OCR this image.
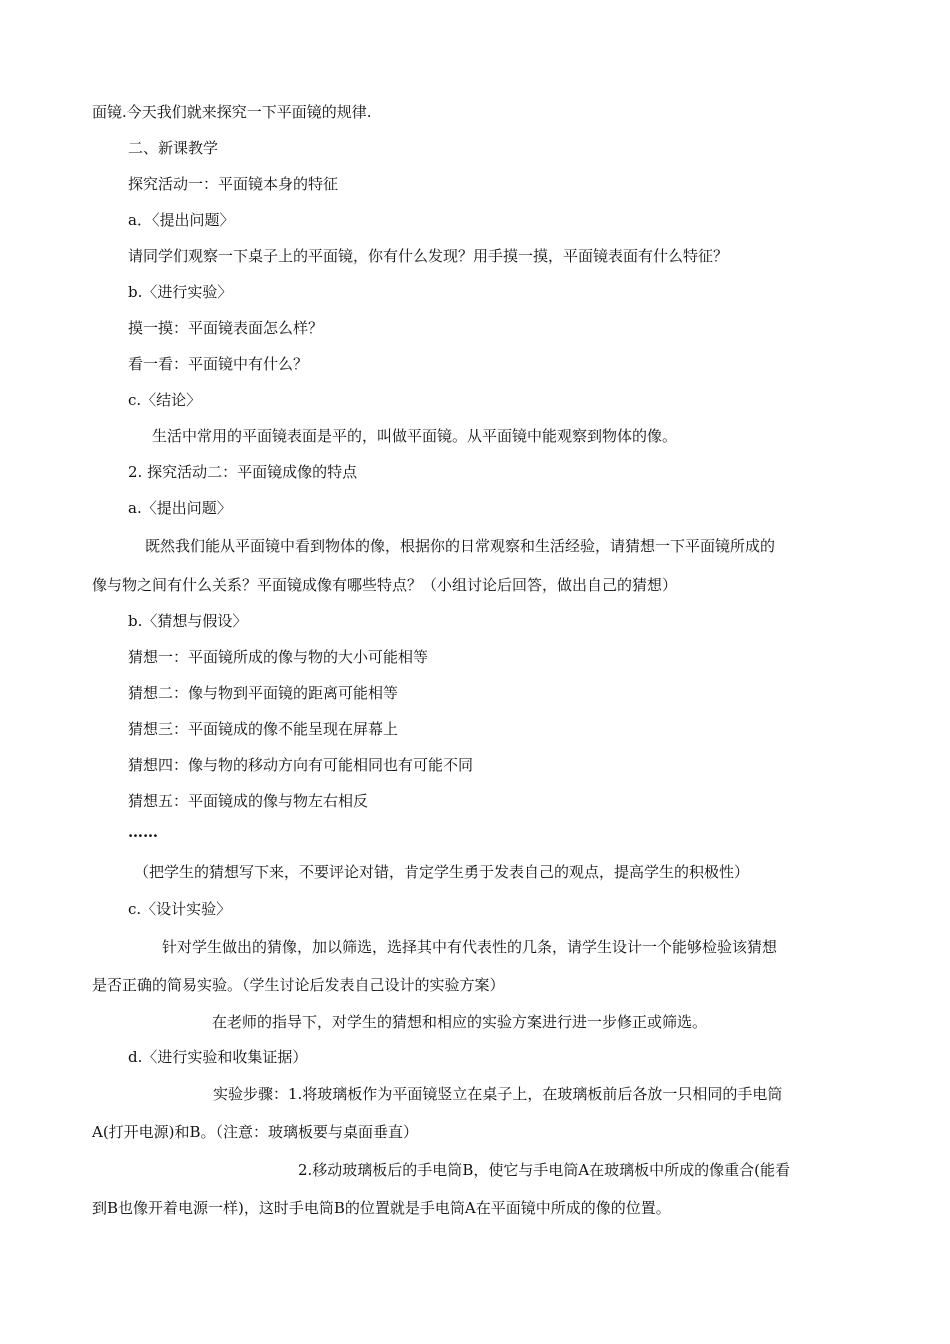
面镜.今天我们就来探究一下平面镜的规律.
二、新课教学
探究活动一：平面镜本身的特征
a．〈提出问题〉
请同学们观察一下桌子上的平面镜，你有什么发现？用手摸一摸，平面镜表面有什么特征？
b.〈进行实验〉
摸一摸：平面镜表面怎么样？
看一看：平面镜中有什么？
c.〈结论〉
生活中常用的平面镜表面是平的，叫做平面镜。从平面镜中能观察到物体的像。
2. 探究活动二：平面镜成像的特点
a.〈提出问题〉
既然我们能从平面镜中看到物体的像，根据你的日常观察和生活经验，请猜想一下平面镜所成的
像与物之间有什么关系？平面镜成像有哪些特点？（小组讨论后回答，做出自己的猜想）
b.〈猜想与假设〉
猜想一：平面镜所成的像与物的大小可能相等
猜想二：像与物到平面镜的距离可能相等
猜想三：平面镜成的像不能呈现在屏幕上
猜想四：像与物的移动方向有可能相同也有可能不同
猜想五：平面镜成的像与物左右相反
……
（把学生的猜想写下来，不要评论对错，肯定学生勇于发表自己的观点，提高学生的积极性）
c.〈设计实验〉
针对学生做出的猜像，加以筛选，选择其中有代表性的几条，请学生设计一个能够检验该猜想
是否正确的简易实验。（学生讨论后发表自己设计的实验方案）
在老师的指导下，对学生的猜想和相应的实验方案进行进一步修正或筛选。
d.〈进行实验和收集证据）
实验步骤：1.将玻璃板作为平面镜竖立在桌子上，在玻璃板前后各放一只相同的手电筒
A(打开电源)和B。（注意：玻璃板要与桌面垂直）
2.移动玻璃板后的手电筒B，使它与手电筒A在玻璃板中所成的像重合(能看
到B也像开着电源一样)，这时手电筒B的位置就是手电筒A在平面镜中所成的像的位置。
